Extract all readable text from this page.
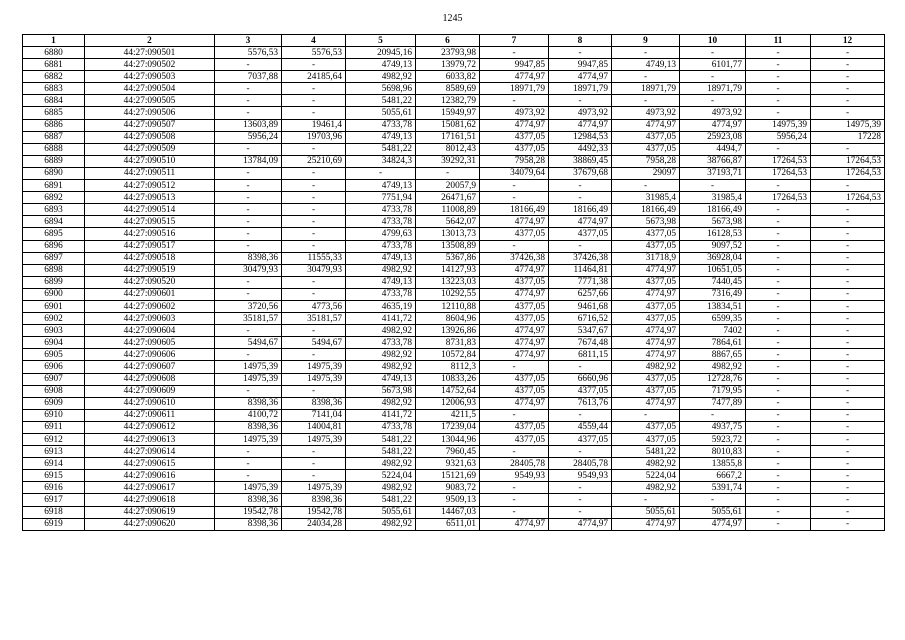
1245
1	2	3	4	5	6	7	8	9	10	11	12
6880	44:27:090501	5576,53	5576,53	20945,16	23793,98	-	-	-	-	-	-
6881	44:27:090502	-	-	4749,13	13979,72	9947,85	9947,85	4749,13	6101,77	-	-
6882	44:27:090503	7037,88	24185,64	4982,92	6033,82	4774,97	4774,97	-	-	-	-
6883	44:27:090504	-	-	5698,96	8589,69	18971,79	18971,79	18971,79	18971,79	-	-
6884	44:27:090505	-	-	5481,22	12382,79	-	-	-	-	-	-
6885	44:27:090506	-	-	5055,61	15949,97	4973,92	4973,92	4973,92	4973,92	-	-
6886	44:27:090507	13603,89	19461,4	4733,78	15081,62	4774,97	4774,97	4774,97	4774,97	14975,39	14975,39
6887	44:27:090508	5956,24	19703,96	4749,13	17161,51	4377,05	12984,53	4377,05	25923,08	5956,24	17228
6888	44:27:090509	-	-	5481,22	8012,43	4377,05	4492,33	4377,05	4494,7	-	-
6889	44:27:090510	13784,09	25210,69	34824,3	39292,31	7958,28	38869,45	7958,28	38766,87	17264,53	17264,53
6890	44:27:090511	-	-	-	-	34079,64	37679,68	29097	37193,71	17264,53	17264,53
6891	44:27:090512	-	-	4749,13	20057,9	-	-	-	-	-	-
6892	44:27:090513	-	-	7751,94	26471,67	-	-	31985,4	31985,4	17264,53	17264,53
6893	44:27:090514	-	-	4733,78	11008,89	18166,49	18166,49	18166,49	18166,49	-	-
6894	44:27:090515	-	-	4733,78	5642,07	4774,97	4774,97	5673,98	5673,98	-	-
6895	44:27:090516	-	-	4799,63	13013,73	4377,05	4377,05	4377,05	16128,53	-	-
6896	44:27:090517	-	-	4733,78	13508,89	-	-	4377,05	9097,52	-	-
6897	44:27:090518	8398,36	11555,33	4749,13	5367,86	37426,38	37426,38	31718,9	36928,04	-	-
6898	44:27:090519	30479,93	30479,93	4982,92	14127,93	4774,97	11464,81	4774,97	10651,05	-	-
6899	44:27:090520	-	-	4749,13	13223,03	4377,05	7771,38	4377,05	7440,45	-	-
6900	44:27:090601	-	-	4733,78	10292,55	4774,97	6257,66	4774,97	7316,49	-	-
6901	44:27:090602	3720,56	4773,56	4635,19	12110,88	4377,05	9461,68	4377,05	13834,51	-	-
6902	44:27:090603	35181,57	35181,57	4141,72	8604,96	4377,05	6716,52	4377,05	6599,35	-	-
6903	44:27:090604	-	-	4982,92	13926,86	4774,97	5347,67	4774,97	7402	-	-
6904	44:27:090605	5494,67	5494,67	4733,78	8731,83	4774,97	7674,48	4774,97	7864,61	-	-
6905	44:27:090606	-	-	4982,92	10572,84	4774,97	6811,15	4774,97	8867,65	-	-
6906	44:27:090607	14975,39	14975,39	4982,92	8112,3	-	-	4982,92	4982,92	-	-
6907	44:27:090608	14975,39	14975,39	4749,13	10833,26	4377,05	6660,96	4377,05	12728,76	-	-
6908	44:27:090609	-	-	5673,98	14752,64	4377,05	4377,05	4377,05	7179,95	-	-
6909	44:27:090610	8398,36	8398,36	4982,92	12006,93	4774,97	7613,76	4774,97	7477,89	-	-
6910	44:27:090611	4100,72	7141,04	4141,72	4211,5	-	-	-	-	-	-
6911	44:27:090612	8398,36	14004,81	4733,78	17239,04	4377,05	4559,44	4377,05	4937,75	-	-
6912	44:27:090613	14975,39	14975,39	5481,22	13044,96	4377,05	4377,05	4377,05	5923,72	-	-
6913	44:27:090614	-	-	5481,22	7960,45	-	-	5481,22	8010,83	-	-
6914	44:27:090615	-	-	4982,92	9321,63	28405,78	28405,78	4982,92	13855,8	-	-
6915	44:27:090616	-	-	5224,04	15121,69	9549,93	9549,93	5224,04	6667,2	-	-
6916	44:27:090617	14975,39	14975,39	4982,92	9083,72	-	-	4982,92	5391,74	-	-
6917	44:27:090618	8398,36	8398,36	5481,22	9509,13	-	-	-	-	-	-
6918	44:27:090619	19542,78	19542,78	5055,61	14467,03	-	-	5055,61	5055,61	-	-
6919	44:27:090620	8398,36	24034,28	4982,92	6511,01	4774,97	4774,97	4774,97	4774,97	-	-
